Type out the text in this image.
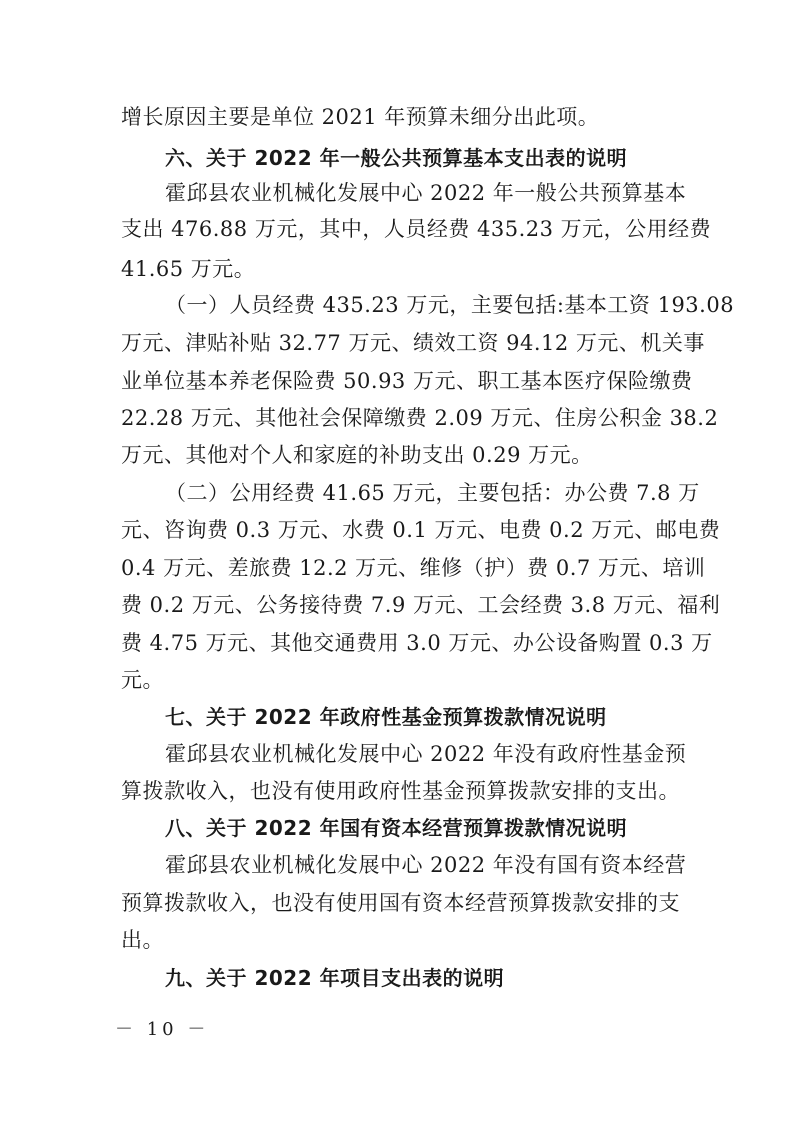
增长原因主要是单位 2021 年预算未细分出此项。
六、关于 2022 年一般公共预算基本支出表的说明
霍邱县农业机械化发展中心 2022 年一般公共预算基本
支出 476.88 万元，其中，人员经费 435.23 万元，公用经费
41.65 万元。
（一）人员经费 435.23 万元，主要包括:基本工资 193.08
万元、津贴补贴 32.77 万元、绩效工资 94.12 万元、机关事
业单位基本养老保险费 50.93 万元、职工基本医疗保险缴费
22.28 万元、其他社会保障缴费 2.09 万元、住房公积金 38.2
万元、其他对个人和家庭的补助支出 0.29 万元。
（二）公用经费 41.65 万元，主要包括：办公费 7.8 万
元、咨询费 0.3 万元、水费 0.1 万元、电费 0.2 万元、邮电费
0.4 万元、差旅费 12.2 万元、维修（护）费 0.7 万元、培训
费 0.2 万元、公务接待费 7.9 万元、工会经费 3.8 万元、福利
费 4.75 万元、其他交通费用 3.0 万元、办公设备购置 0.3 万
元。
七、关于 2022 年政府性基金预算拨款情况说明
霍邱县农业机械化发展中心 2022 年没有政府性基金预
算拨款收入，也没有使用政府性基金预算拨款安排的支出。
八、关于 2022 年国有资本经营预算拨款情况说明
霍邱县农业机械化发展中心 2022 年没有国有资本经营
预算拨款收入，也没有使用国有资本经营预算拨款安排的支
出。
九、关于 2022 年项目支出表的说明
－ 10 －
